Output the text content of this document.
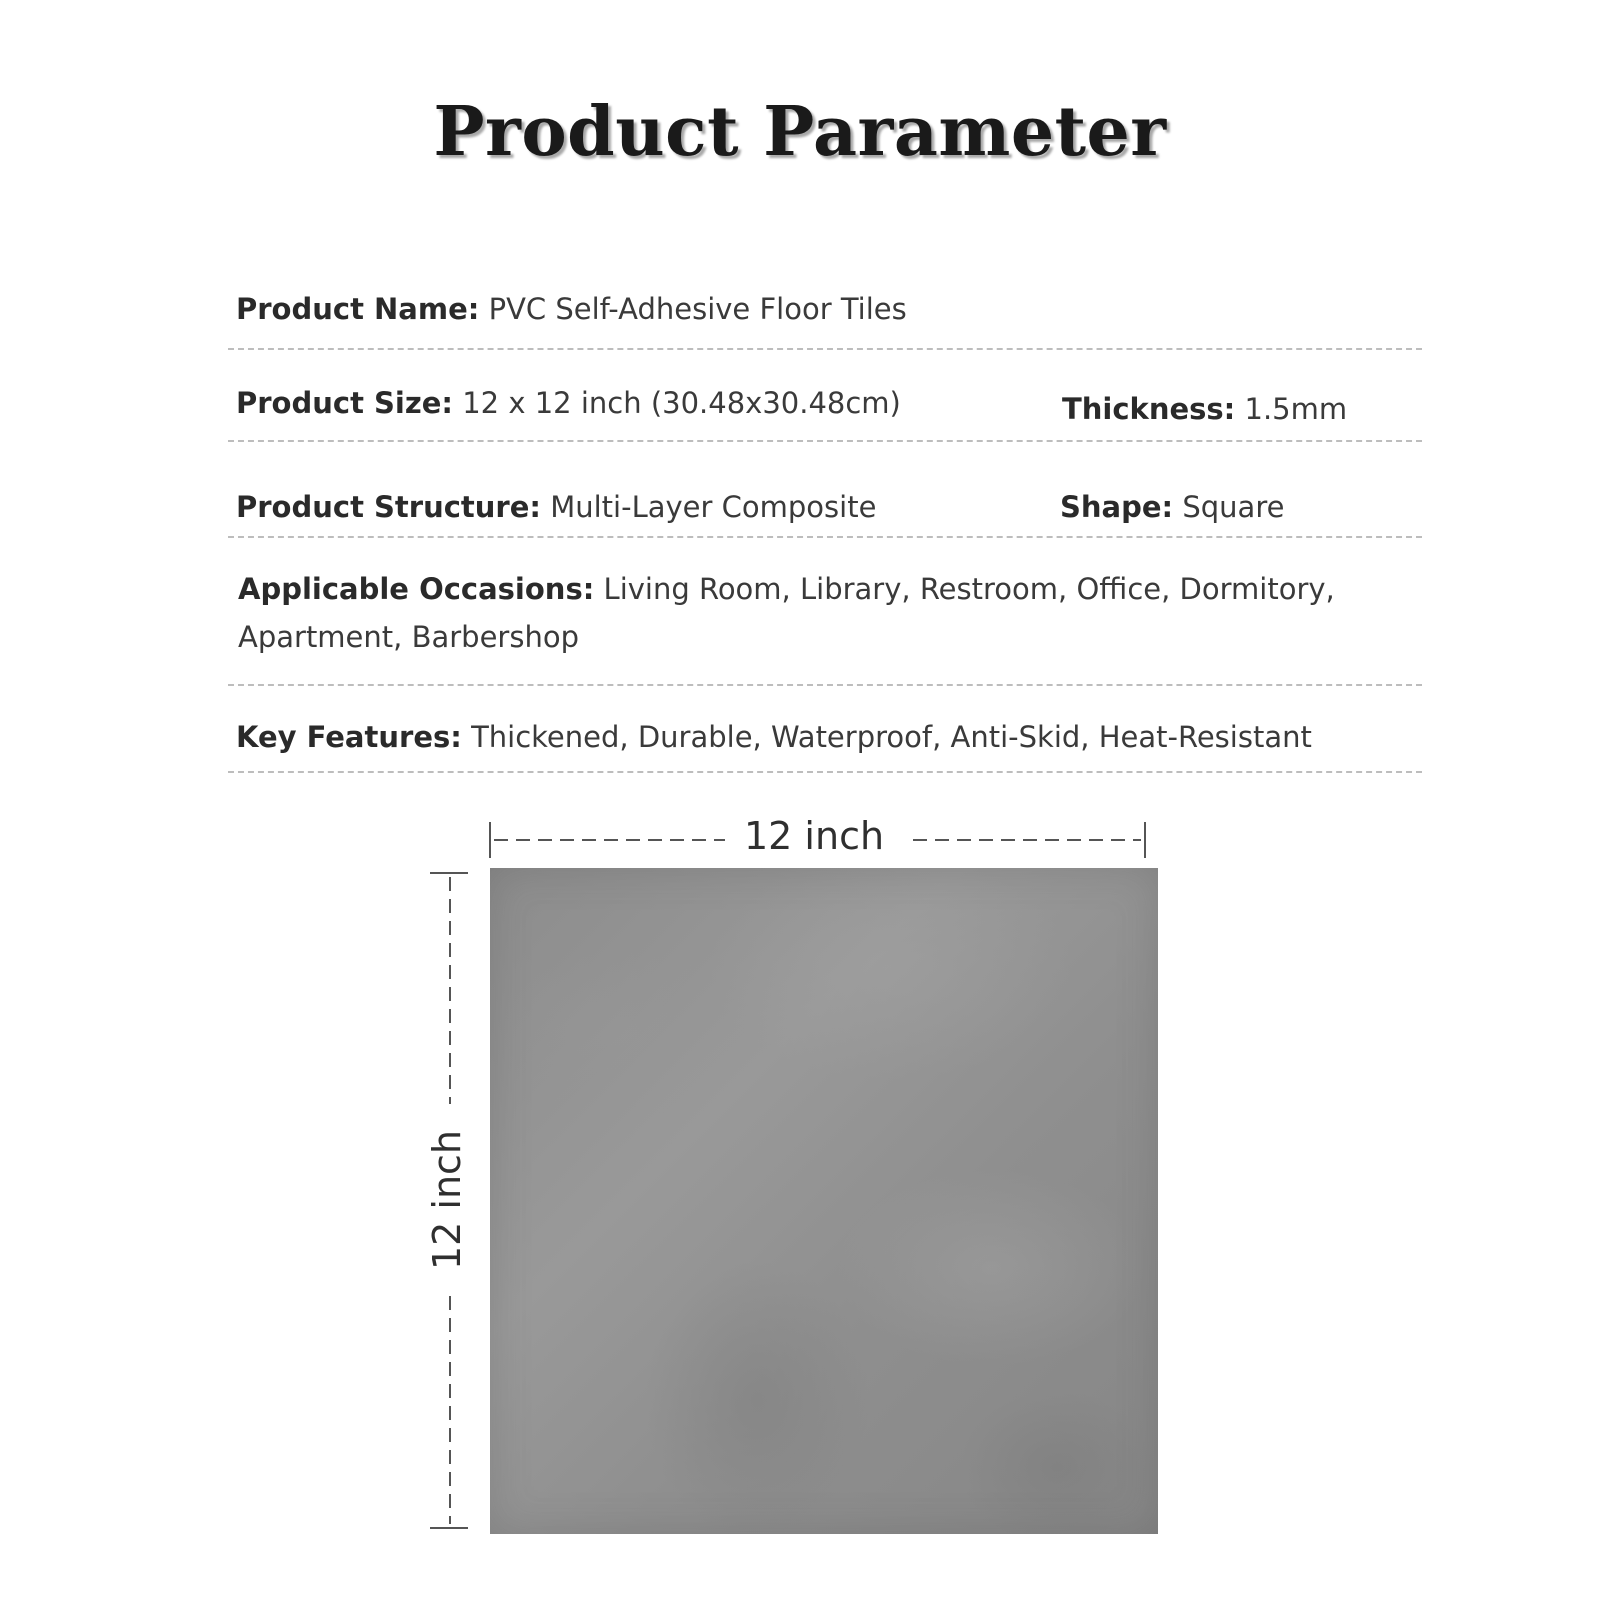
Product Parameter
Product Name: PVC Self-Adhesive Floor Tiles
Product Size: 12 x 12 inch (30.48x30.48cm)	Thickness: 1.5mm
Product Structure: Multi-Layer Composite	Shape: Square
Applicable Occasions: Living Room, Library, Restroom, Office, Dormitory,
Apartment, Barbershop
Key Features: Thickened, Durable, Waterproof, Anti-Skid, Heat-Resistant
12 inch
12 inch
